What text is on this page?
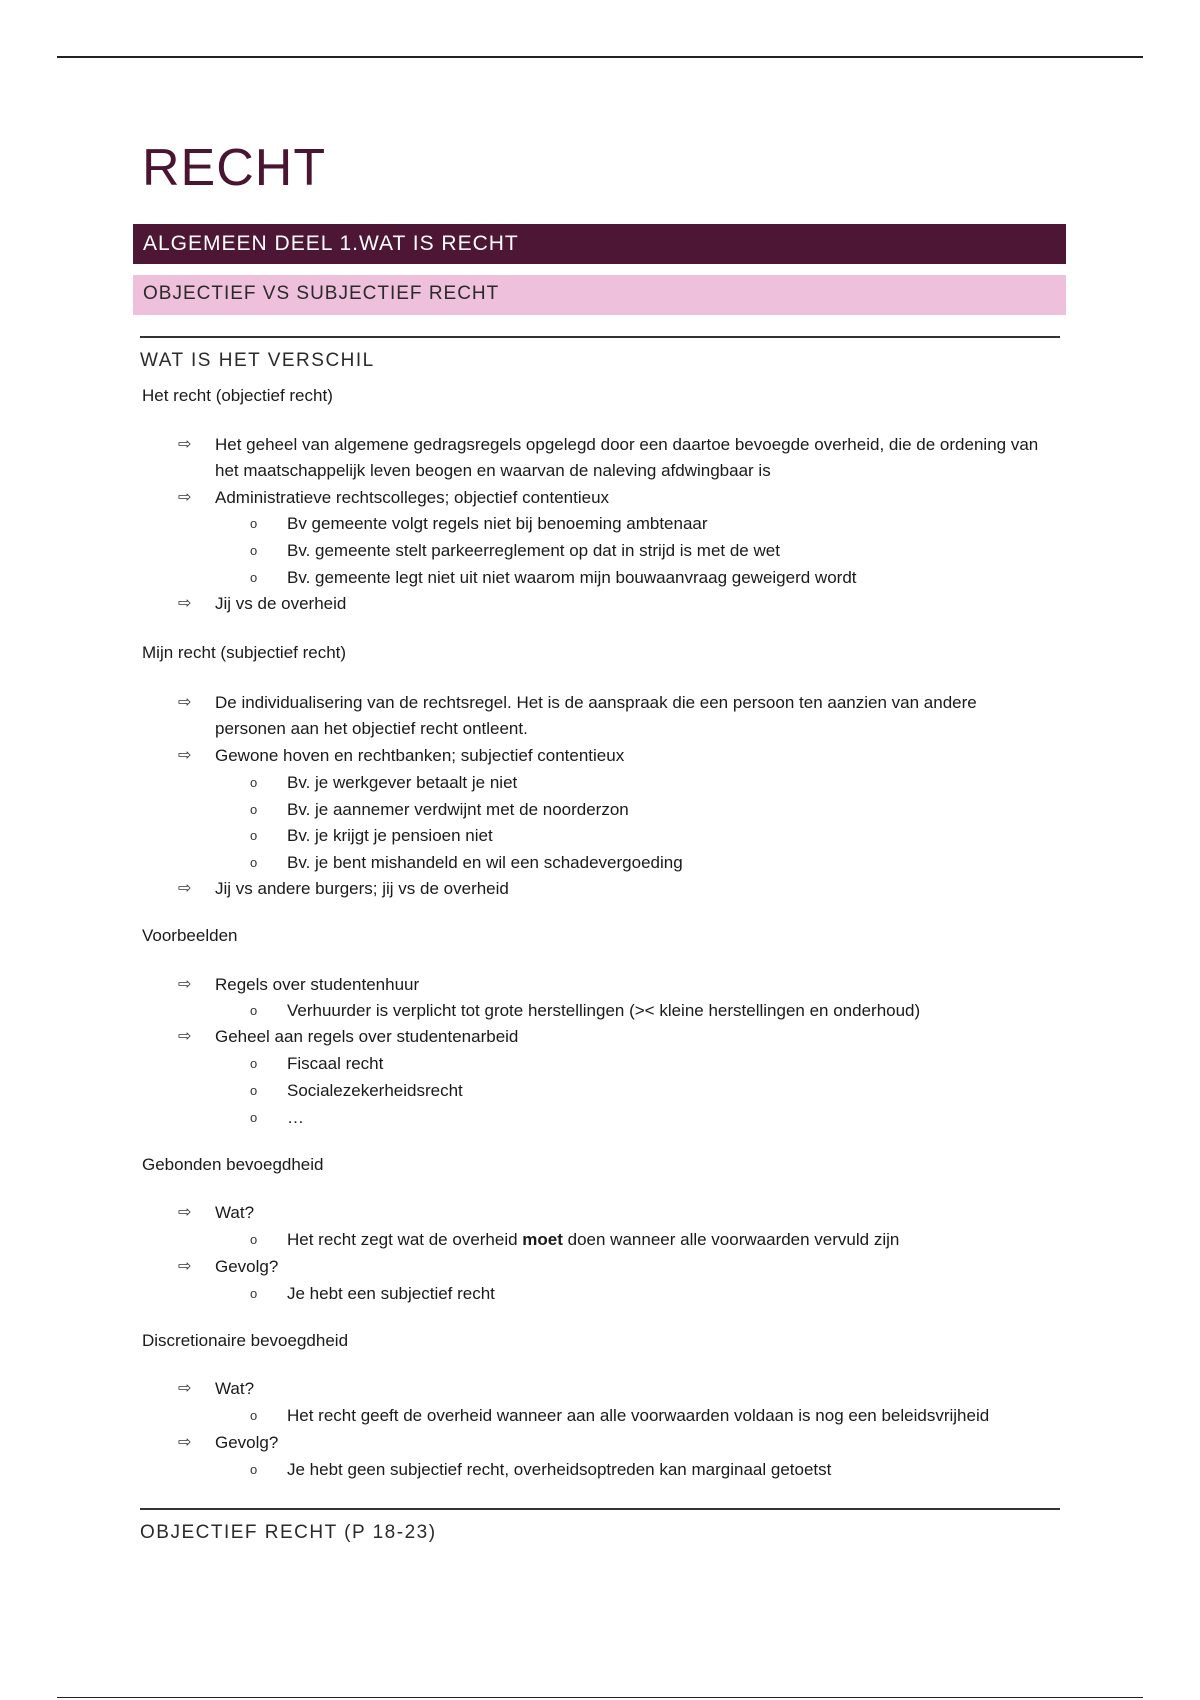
RECHT
ALGEMEEN DEEL 1.WAT IS RECHT
OBJECTIEF VS SUBJECTIEF RECHT
WAT IS HET VERSCHIL
Het recht (objectief recht)
⇨	Het geheel van algemene gedragsregels opgelegd door een daartoe bevoegde overheid, die de ordening van het maatschappelijk leven beogen en waarvan de naleving afdwingbaar is
⇨	Administratieve rechtscolleges; objectief contentieux
o Bv gemeente volgt regels niet bij benoeming ambtenaar
o Bv. gemeente stelt parkeerreglement op dat in strijd is met de wet
o Bv. gemeente legt niet uit niet waarom mijn bouwaanvraag geweigerd wordt
⇨	Jij vs de overheid
Mijn recht (subjectief recht)
⇨	De individualisering van de rechtsregel. Het is de aanspraak die een persoon ten aanzien van andere personen aan het objectief recht ontleent.
⇨	Gewone hoven en rechtbanken; subjectief contentieux
o Bv. je werkgever betaalt je niet
o Bv. je aannemer verdwijnt met de noorderzon
o Bv. je krijgt je pensioen niet
o Bv. je bent mishandeld en wil een schadevergoeding
⇨	Jij vs andere burgers; jij vs de overheid
Voorbeelden
⇨	Regels over studentenhuur
o Verhuurder is verplicht tot grote herstellingen (>< kleine herstellingen en onderhoud)
⇨	Geheel aan regels over studentenarbeid
o Fiscaal recht
o Socialezekerheidsrecht
o …
Gebonden bevoegdheid
⇨	Wat?
o Het recht zegt wat de overheid moet doen wanneer alle voorwaarden vervuld zijn
⇨	Gevolg?
o Je hebt een subjectief recht
Discretionaire bevoegdheid
⇨	Wat?
o Het recht geeft de overheid wanneer aan alle voorwaarden voldaan is nog een beleidsvrijheid
⇨	Gevolg?
o Je hebt geen subjectief recht, overheidsoptreden kan marginaal getoetst
OBJECTIEF RECHT (P 18-23)
